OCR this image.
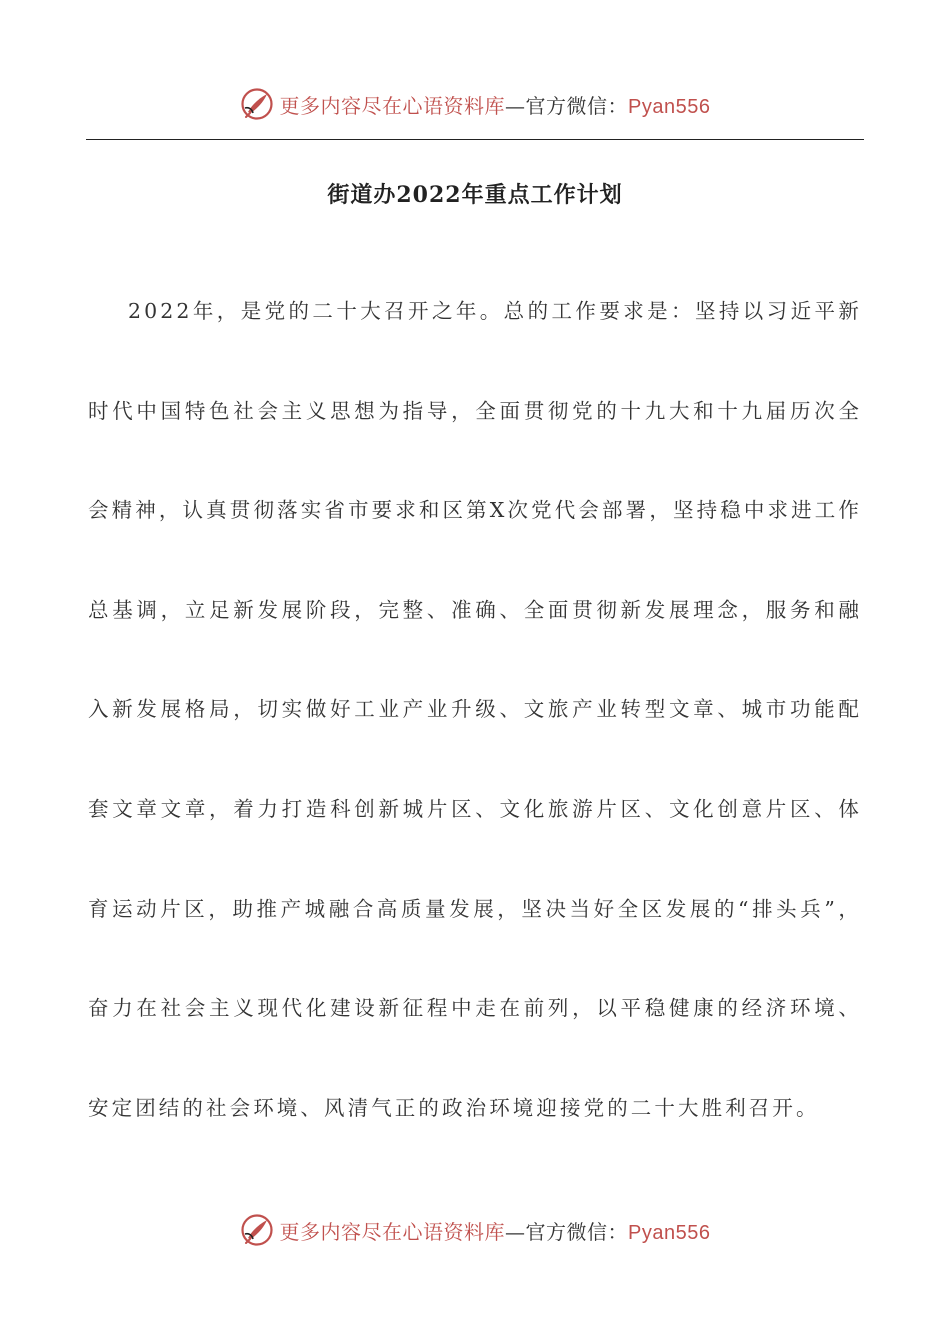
更多内容尽在心语资料库—官方微信：Pyan556
街道办2022年重点工作计划

2022年，是党的二十大召开之年。总的工作要求是：坚持以习近平新时代中国特色社会主义思想为指导，全面贯彻党的十九大和十九届历次全会精神，认真贯彻落实省市要求和区第X次党代会部署，坚持稳中求进工作总基调，立足新发展阶段，完整、准确、全面贯彻新发展理念，服务和融入新发展格局，切实做好工业产业升级、文旅产业转型文章、城市功能配套文章文章，着力打造科创新城片区、文化旅游片区、文化创意片区、体育运动片区，助推产城融合高质量发展，坚决当好全区发展的“排头兵”，奋力在社会主义现代化建设新征程中走在前列，以平稳健康的经济环境、安定团结的社会环境、风清气正的政治环境迎接党的二十大胜利召开。

更多内容尽在心语资料库—官方微信：Pyan556
